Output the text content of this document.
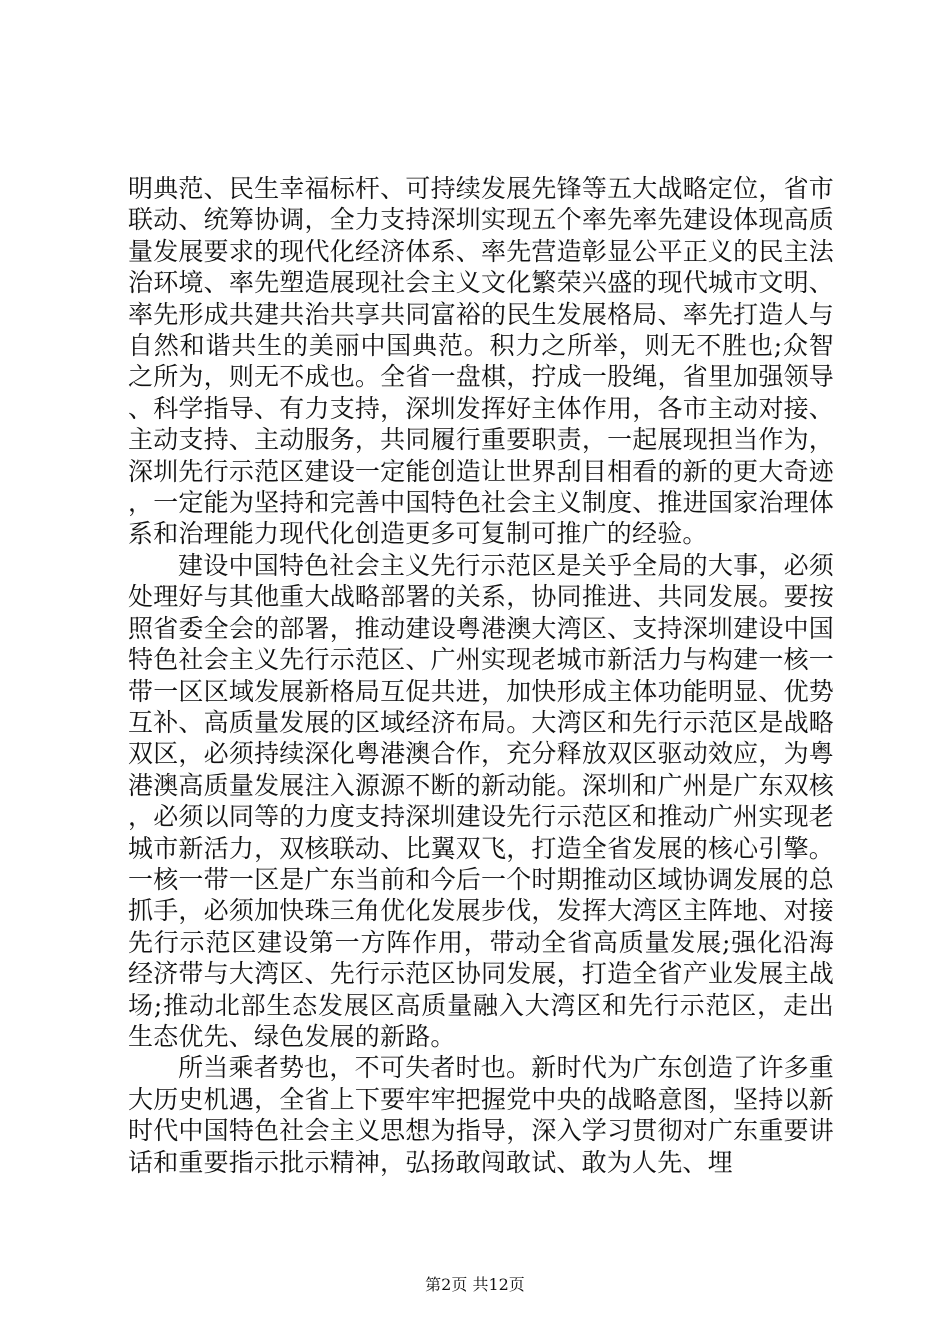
明典范、民生幸福标杆、可持续发展先锋等五大战略定位，省市联动、统筹协调，全力支持深圳实现五个率先率先建设体现高质量发展要求的现代化经济体系、率先营造彰显公平正义的民主法治环境、率先塑造展现社会主义文化繁荣兴盛的现代城市文明、率先形成共建共治共享共同富裕的民生发展格局、率先打造人与自然和谐共生的美丽中国典范。积力之所举，则无不胜也;众智之所为，则无不成也。全省一盘棋，拧成一股绳，省里加强领导、科学指导、有力支持，深圳发挥好主体作用，各市主动对接、主动支持、主动服务，共同履行重要职责，一起展现担当作为，深圳先行示范区建设一定能创造让世界刮目相看的新的更大奇迹，一定能为坚持和完善中国特色社会主义制度、推进国家治理体系和治理能力现代化创造更多可复制可推广的经验。

建设中国特色社会主义先行示范区是关乎全局的大事，必须处理好与其他重大战略部署的关系，协同推进、共同发展。要按照省委全会的部署，推动建设粤港澳大湾区、支持深圳建设中国特色社会主义先行示范区、广州实现老城市新活力与构建一核一带一区区域发展新格局互促共进，加快形成主体功能明显、优势互补、高质量发展的区域经济布局。大湾区和先行示范区是战略双区，必须持续深化粤港澳合作，充分释放双区驱动效应，为粤港澳高质量发展注入源源不断的新动能。深圳和广州是广东双核，必须以同等的力度支持深圳建设先行示范区和推动广州实现老城市新活力，双核联动、比翼双飞，打造全省发展的核心引擎。一核一带一区是广东当前和今后一个时期推动区域协调发展的总抓手，必须加快珠三角优化发展步伐，发挥大湾区主阵地、对接先行示范区建设第一方阵作用，带动全省高质量发展;强化沿海经济带与大湾区、先行示范区协同发展，打造全省产业发展主战场;推动北部生态发展区高质量融入大湾区和先行示范区，走出生态优先、绿色发展的新路。

所当乘者势也，不可失者时也。新时代为广东创造了许多重大历史机遇，全省上下要牢牢把握党中央的战略意图，坚持以新时代中国特色社会主义思想为指导，深入学习贯彻对广东重要讲话和重要指示批示精神，弘扬敢闯敢试、敢为人先、埋

第2页 共12页
